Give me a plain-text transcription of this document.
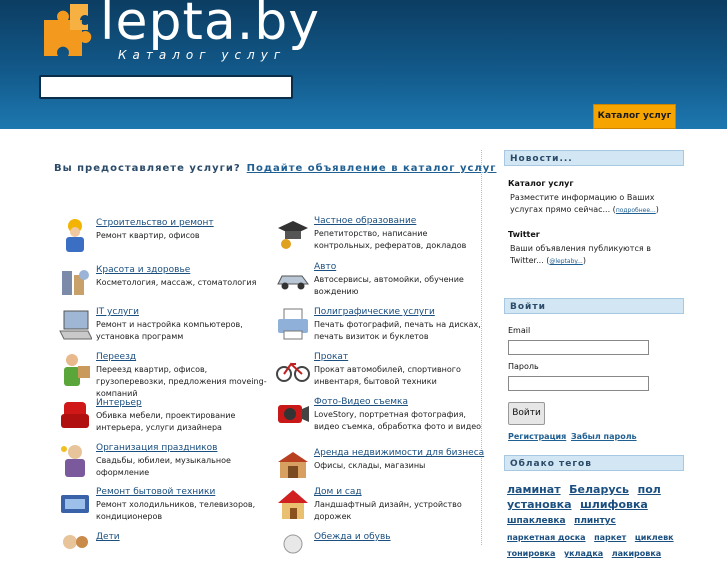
lepta.by
Каталог услуг
Каталог услуг
Вы предоставляете услуги? Подайте объявление в каталог услуг
Строительство и ремонт
Ремонт квартир, офисов
Красота и здоровье
Косметология, массаж, стоматология
IT услуги
Ремонт и настройка компьютеров, установка программ
Переезд
Переезд квартир, офисов, грузоперевозки, предложения moveing-компаний
Интерьер
Обивка мебели, проектирование интерьера, услуги дизайнера
Организация праздников
Свадьбы, юбилеи, музыкальное оформление
Ремонт бытовой техники
Ремонт холодильников, телевизоров, кондиционеров
Дети
Частное образование
Репетиторство, написание контрольных, рефератов, докладов
Авто
Автосервисы, автомойки, обучение вождению
Полиграфические услуги
Печать фотографий, печать на дисках, печать визиток и буклетов
Прокат
Прокат автомобилей, спортивного инвентаря, бытовой техники
Фото-Видео съемка
LoveStory, портретная фотография, видео съемка, обработка фото и видео
Аренда недвижимости для бизнеса
Офисы, склады, магазины
Дом и сад
Ландшафтный дизайн, устройство дорожек
Обежда и обувь
Новости...
Каталог услуг
Разместите информацию о Ваших услугах прямо сейчас... (подробнее...)
Twitter
Ваши объявления публикуются в Twitter... (@leptaby...)
Войти
Email
Пароль
Войти
Регистрация Забыл пароль
Облако тегов
ламинат Беларусь пол установка шлифовка шпаклевка плинтус паркетная доска паркет циклевк тонировка укладка лакировка
